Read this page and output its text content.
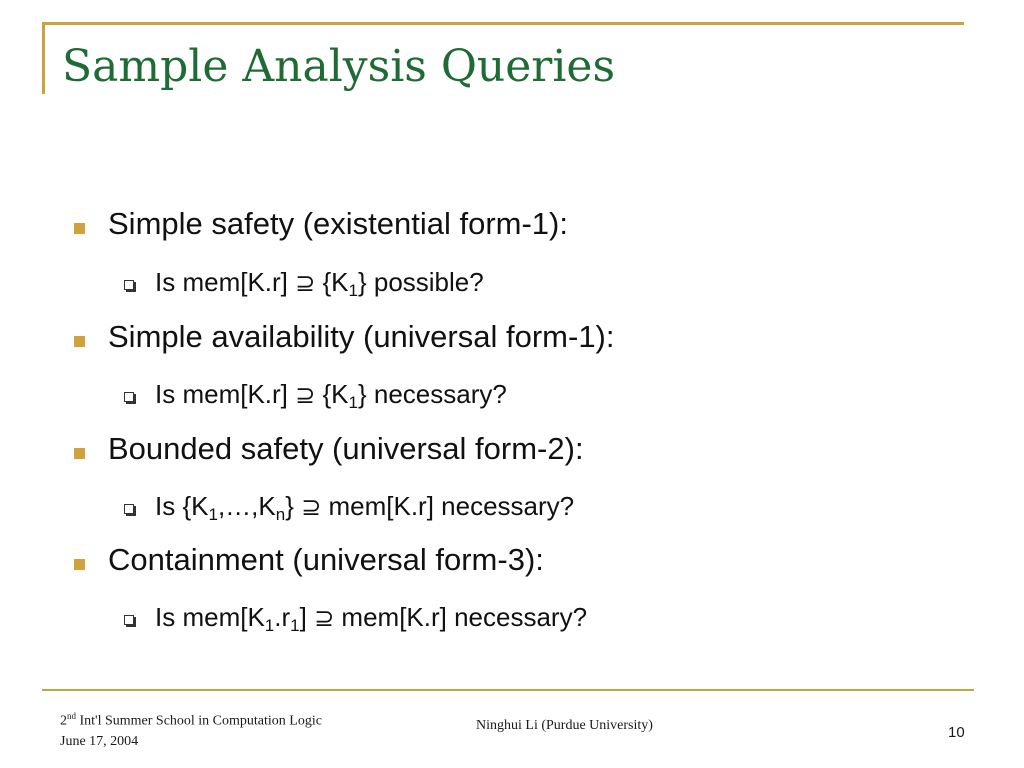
Sample Analysis Queries
Simple safety (existential form-1):
Is mem[K.r] ⊇ $\{K_1\}$ possible?
Simple availability (universal form-1):
Is mem[K.r] ⊇ $\{K_1\}$ necessary?
Bounded safety (universal form-2):
Is $\{K_1,\dots,K_n\}$ ⊇ mem[K.r] necessary?
Containment (universal form-3):
Is $mem[K_1.r_1]$ ⊇ mem[K.r] necessary?
2nd Int'l Summer School in Computation Logic
June 17, 2004
Ninghui Li (Purdue University)	10
